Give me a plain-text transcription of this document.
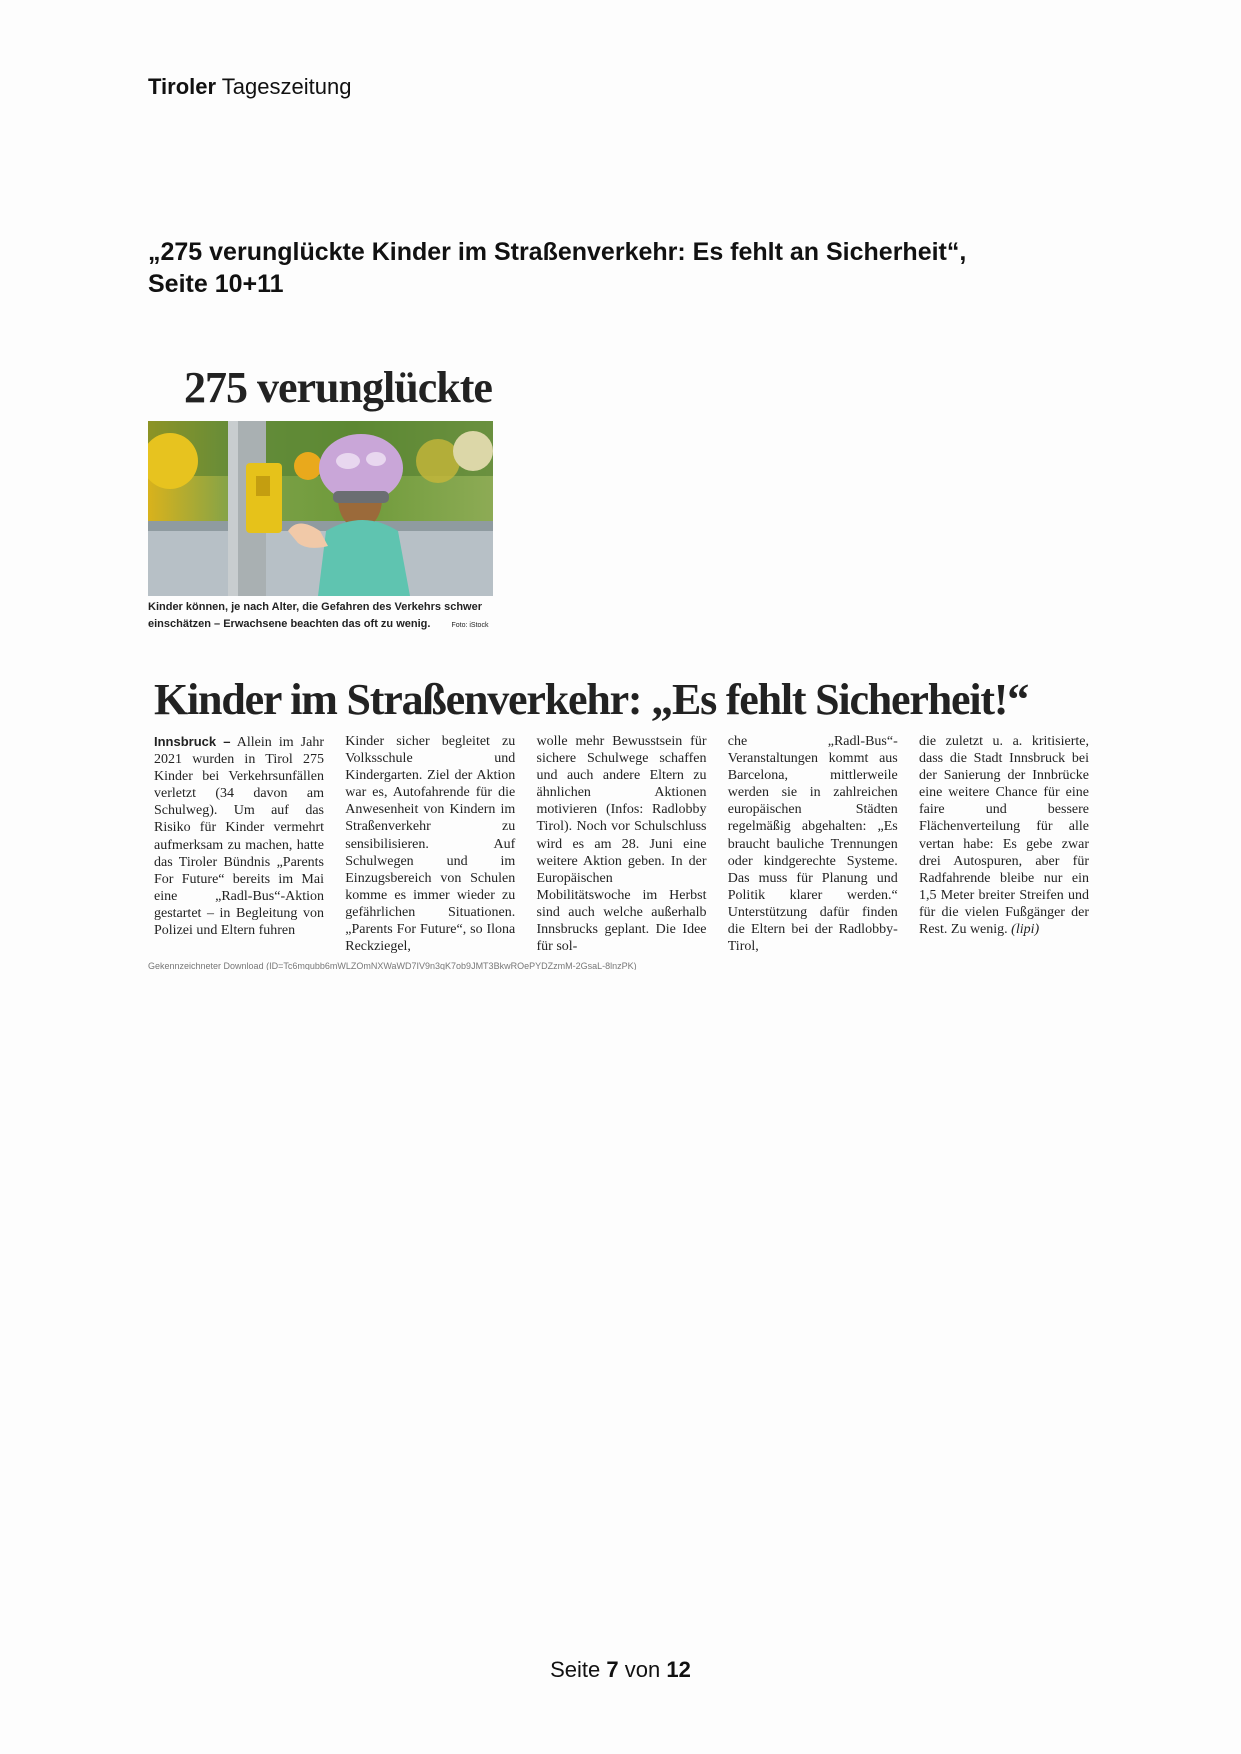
Tiroler Tageszeitung
„275 verunglückte Kinder im Straßenverkehr: Es fehlt an Sicherheit“,
Seite 10+11
275 verunglückte
Kinder können, je nach Alter, die Gefahren des Verkehrs schwer einschätzen – Erwachsene beachten das oft zu wenig.	Foto: iStock
Kinder im Straßenverkehr: „Es fehlt Sicherheit!“
Innsbruck – Allein im Jahr 2021 wurden in Tirol 275 Kinder bei Verkehrsunfällen verletzt (34 davon am Schulweg). Um auf das Risiko für Kinder vermehrt aufmerksam zu machen, hatte das Tiroler Bündnis „Parents For Future“ bereits im Mai eine „Radl-Bus“-Aktion gestartet – in Begleitung von Polizei und Eltern fuhren
Kinder sicher begleitet zu Volksschule und Kindergarten. Ziel der Aktion war es, Autofahrende für die Anwesenheit von Kindern im Straßenverkehr zu sensibilisieren. Auf Schulwegen und im Einzugsbereich von Schulen komme es immer wieder zu gefährlichen Situationen. „Parents For Future“, so Ilona Reckziegel,
wolle mehr Bewusstsein für sichere Schulwege schaffen und auch andere Eltern zu ähnlichen Aktionen motivieren (Infos: Radlobby Tirol). Noch vor Schulschluss wird es am 28. Juni eine weitere Aktion geben. In der Europäischen Mobilitätswoche im Herbst sind auch welche außerhalb Innsbrucks geplant. Die Idee für sol-
che „Radl-Bus“-Veranstaltungen kommt aus Barcelona, mittlerweile werden sie in zahlreichen europäischen Städten regelmäßig abgehalten: „Es braucht bauliche Trennungen oder kindgerechte Systeme. Das muss für Planung und Politik klarer werden.“ Unterstützung dafür finden die Eltern bei der Radlobby-Tirol,
die zuletzt u. a. kritisierte, dass die Stadt Innsbruck bei der Sanierung der Innbrücke eine weitere Chance für eine faire und bessere Flächenverteilung für alle vertan habe: Es gebe zwar drei Autospuren, aber für Radfahrende bleibe nur ein 1,5 Meter breiter Streifen und für die vielen Fußgänger der Rest. Zu wenig. (lipi)
Gekennzeichneter Download (ID=Tc6mqubb6mWLZOmNXWaWD7IV9n3qK7ob9JMT3BkwROePYDZzmM-2GsaL-8lnzPK)
Seite 7 von 12
